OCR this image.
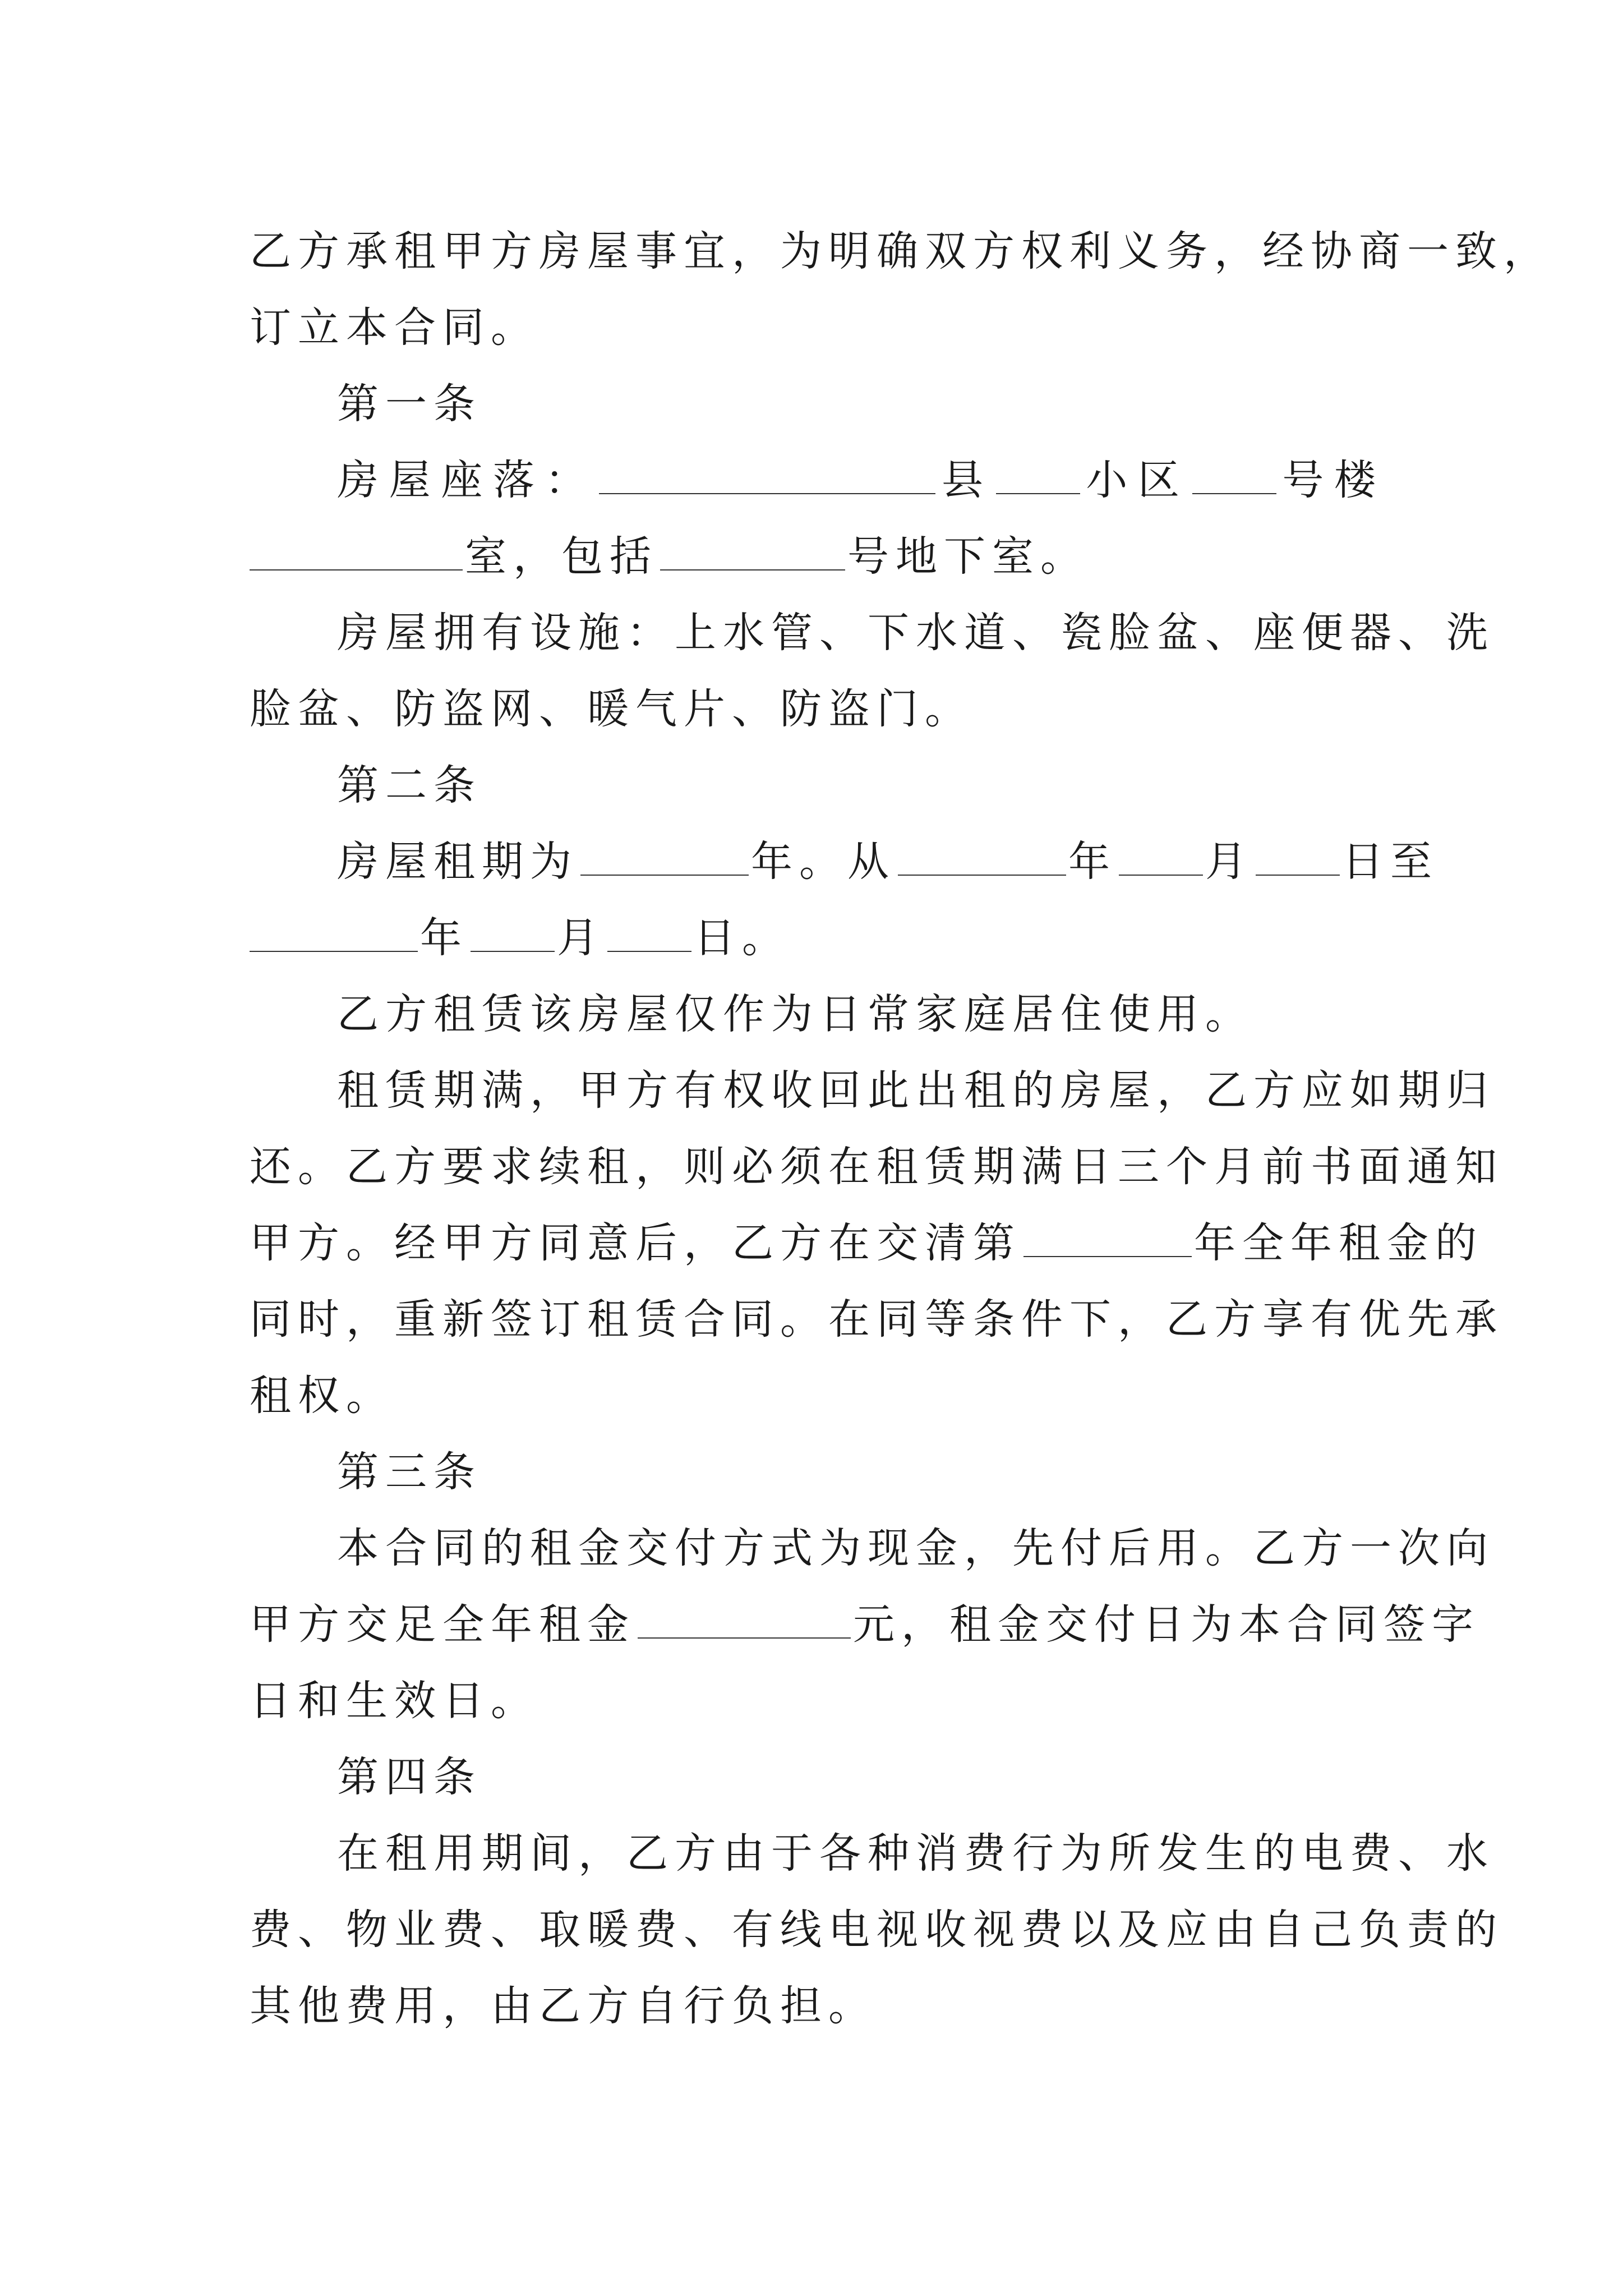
乙方承租甲方房屋事宜，为明确双方权利义务，经协商一致，
订立本合同。
第一条
房屋座落：	县 小区 号楼
室，包括	号地下室。
房屋拥有设施：上水管、下水道、瓷脸盆、座便器、洗
脸盆、防盗网、暖气片、防盗门。
第二条
房屋租期为	年。从	年 月 日至
年 月 日。
乙方租赁该房屋仅作为日常家庭居住使用。
租赁期满，甲方有权收回此出租的房屋，乙方应如期归
还。乙方要求续租，则必须在租赁期满日三个月前书面通知
甲方。经甲方同意后，乙方在交清第	年全年租金的
同时，重新签订租赁合同。在同等条件下，乙方享有优先承
租权。
第三条
本合同的租金交付方式为现金，先付后用。乙方一次向
甲方交足全年租金	元，租金交付日为本合同签字
日和生效日。
第四条
在租用期间，乙方由于各种消费行为所发生的电费、水
费、物业费、取暖费、有线电视收视费以及应由自己负责的
其他费用，由乙方自行负担。
